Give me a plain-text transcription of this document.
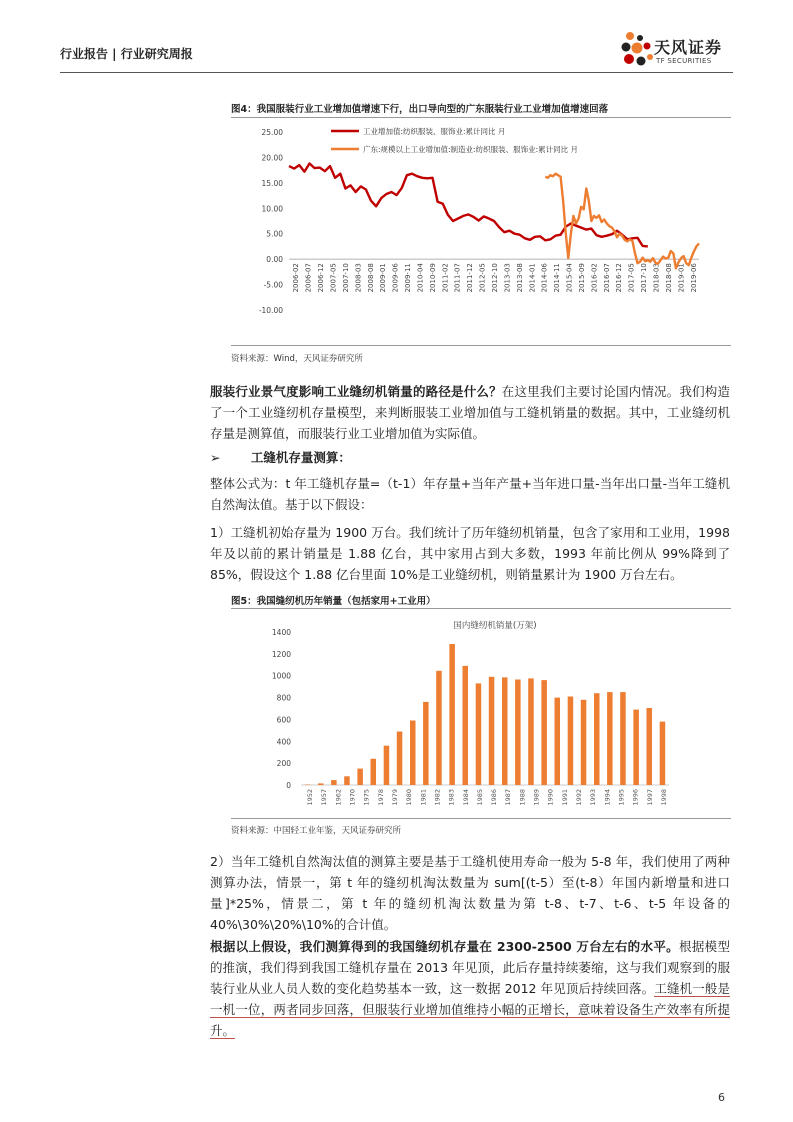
行业报告 | 行业研究周报	天风证券
TF SECURITIES
图4：我国服装行业工业增加值增速下行，出口导向型的广东服装行业工业增加值增速回落
25.00
20.00
15.00
10.00
5.00
0.00
-5.00
-10.00
2006-02 2006-07 2006-12 2007-05 2007-10 2008-03 2008-08 2009-01 2009-06 2009-11 2010-04 2010-09 2011-02 2011-07 2011-12 2012-05 2012-10 2013-03 2013-08 2014-01 2014-06 2014-11 2015-04 2015-09 2016-02 2016-07 2016-12 2017-05 2017-10 2018-03 2018-08 2019-01 2019-06
工业增加值:纺织服装、服饰业:累计同比 月
广东:规模以上工业增加值:制造业:纺织服装、服饰业:累计同比 月
资料来源：Wind，天风证券研究所
服装行业景气度影响工业缝纫机销量的路径是什么？在这里我们主要讨论国内情况。我们构造了一个工业缝纫机存量模型，来判断服装工业增加值与工缝机销量的数据。其中，工业缝纫机存量是测算值，而服装行业工业增加值为实际值。
➢ 工缝机存量测算：
整体公式为：t 年工缝机存量=（t-1）年存量+当年产量+当年进口量-当年出口量-当年工缝机自然淘汰值。基于以下假设：
1）工缝机初始存量为 1900 万台。我们统计了历年缝纫机销量，包含了家用和工业用，1998 年及以前的累计销量是 1.88 亿台，其中家用占到大多数，1993 年前比例从 99%降到了 85%，假设这个 1.88 亿台里面 10%是工业缝纫机，则销量累计为 1900 万台左右。
图5：我国缝纫机历年销量（包括家用+工业用）
国内缝纫机销量(万架)
1400
1200
1000
800
600
400
200
0
1952 1957 1962 1970 1975 1978 1979 1980 1981 1982 1983 1984 1985 1986 1987 1988 1989 1990 1991 1992 1993 1994 1995 1996 1997 1998
资料来源：中国轻工业年鉴，天风证券研究所
2）当年工缝机自然淘汰值的测算主要是基于工缝机使用寿命一般为 5-8 年，我们使用了两种测算办法，情景一，第 t 年的缝纫机淘汰数量为 sum[(t-5）至(t-8）年国内新增量和进口量]*25%，情景二，第 t 年的缝纫机淘汰数量为第 t-8、t-7、t-6、t-5 年设备的 40%\30%\20%\10%的合计值。
根据以上假设，我们测算得到的我国缝纫机存量在 2300-2500 万台左右的水平。根据模型的推演，我们得到我国工缝机存量在 2013 年见顶，此后存量持续萎缩，这与我们观察到的服装行业从业人员人数的变化趋势基本一致，这一数据 2012 年见顶后持续回落。工缝机一般是一机一位，两者同步回落，但服装行业增加值维持小幅的正增长，意味着设备生产效率有所提升。
6
